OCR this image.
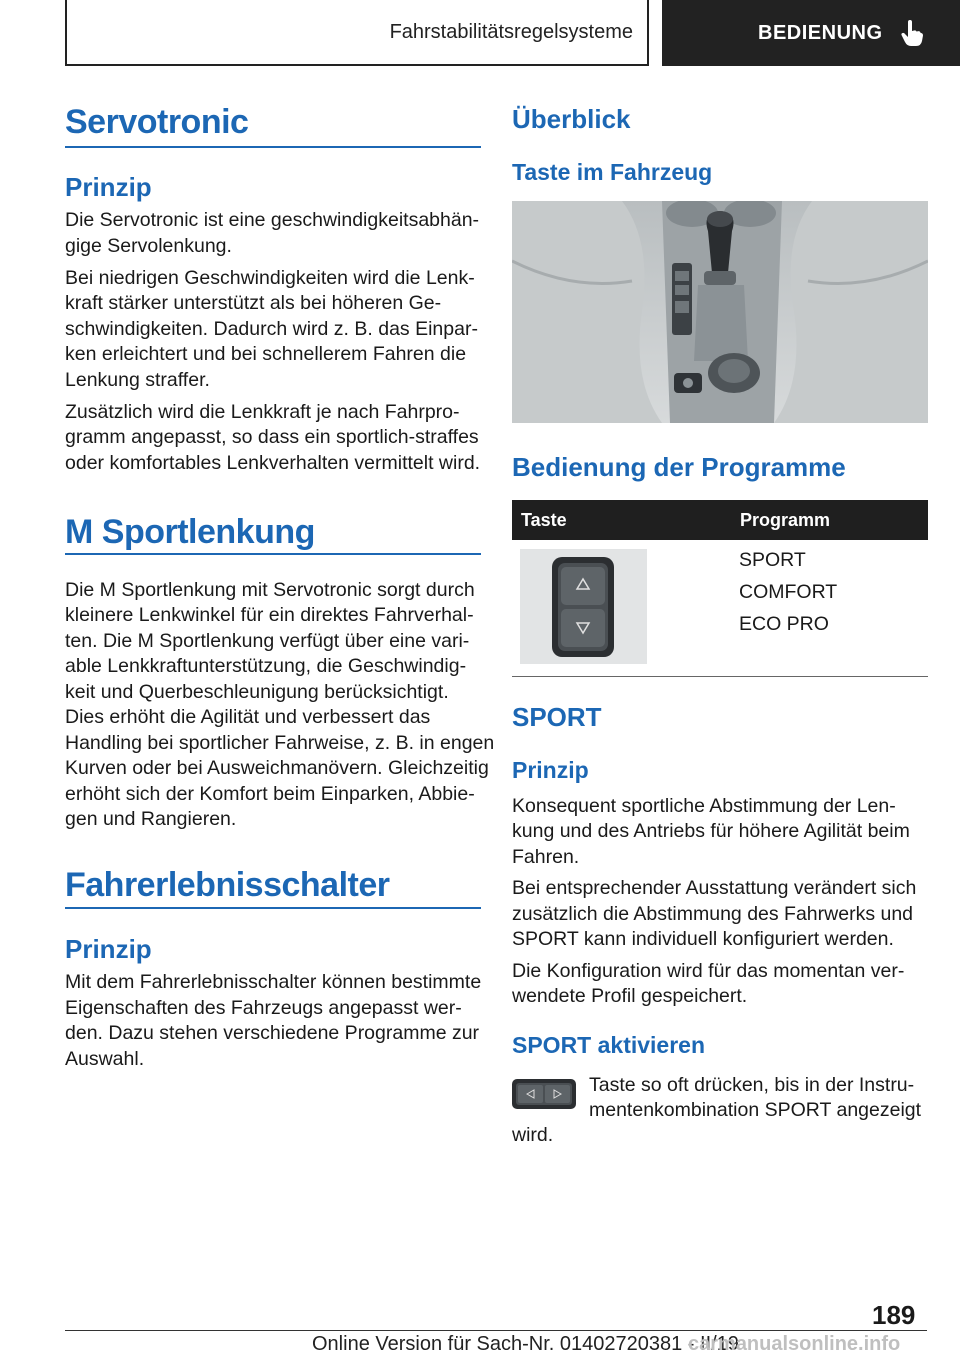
Fahrstabilitätsregelsysteme	BEDIENUNG
Servotronic
Prinzip

Die Servotronic ist eine geschwindigkeitsabhän-

gige Servolenkung.

Bei niedrigen Geschwindigkeiten wird die Lenk-

kraft stärker unterstützt als bei höheren Ge-

schwindigkeiten. Dadurch wird z. B. das Einpar-

ken erleichtert und bei schnellerem Fahren die

Lenkung straffer.

Zusätzlich wird die Lenkkraft je nach Fahrpro-

gramm angepasst, so dass ein sportlich-straffes

oder komfortables Lenkverhalten vermittelt wird.

M Sportlenkung

Die M Sportlenkung mit Servotronic sorgt durch

kleinere Lenkwinkel für ein direktes Fahrverhal-

ten. Die M Sportlenkung verfügt über eine vari-

able Lenkkraftunterstützung, die Geschwindig-

keit und Querbeschleunigung berücksichtigt.

Dies erhöht die Agilität und verbessert das

Handling bei sportlicher Fahrweise, z. B. in engen

Kurven oder bei Ausweichmanövern. Gleichzeitig

erhöht sich der Komfort beim Einparken, Abbie-

gen und Rangieren.

Fahrerlebnisschalter
Prinzip

Mit dem Fahrerlebnisschalter können bestimmte

Eigenschaften des Fahrzeugs angepasst wer-

den. Dazu stehen verschiedene Programme zur

Auswahl.

Überblick
Taste im Fahrzeug
Bedienung der Programme
Taste	Programm

SPORT

COMFORT

ECO PRO

SPORT
Prinzip

Konsequent sportliche Abstimmung der Len-

kung und des Antriebs für höhere Agilität beim

Fahren.

Bei entsprechender Ausstattung verändert sich

zusätzlich die Abstimmung des Fahrwerks und

SPORT kann individuell konfiguriert werden.

Die Konfiguration wird für das momentan ver-

wendete Profil gespeichert.

SPORT aktivieren

Taste so oft drücken, bis in der Instru-

mentenkombination SPORT angezeigt

wird.

189
Online Version für Sach-Nr. 01402720381 - II/19
carmanualsonline.info
